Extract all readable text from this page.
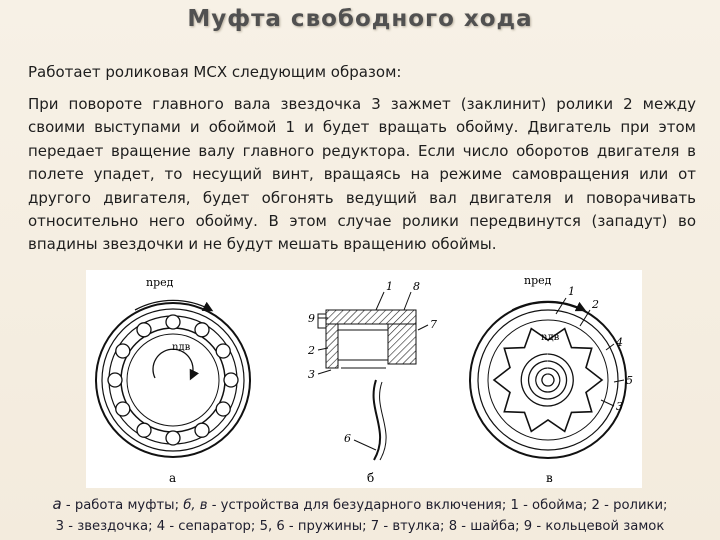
Муфта свободного хода
Работает роликовая МСХ следующим образом:
При повороте главного вала звездочка 3 зажмет (заклинит) ролики 2 между своими выступами и обоймой 1 и будет вращать обойму. Двигатель при этом передает вращение валу главного редуктора. Если число оборотов двигателя в полете упадет, то несущий винт, вращаясь на режиме самовращения или от другого двигателя, будет обгонять ведущий вал двигателя и поворачивать относительно него обойму. В этом случае ролики передвинутся (западут) во впадины звездочки и не будут мешать вращению обоймы.
nред
nдв
а
1 8
9	7
2
3
6
б
nред
nдв
1
2
4
5
3
в
а - работа муфты; б, в - устройства для безударного включения; 1 - обойма; 2 - ролики;
3 - звездочка; 4 - сепаратор; 5, 6 - пружины; 7 - втулка; 8 - шайба; 9 - кольцевой замок
